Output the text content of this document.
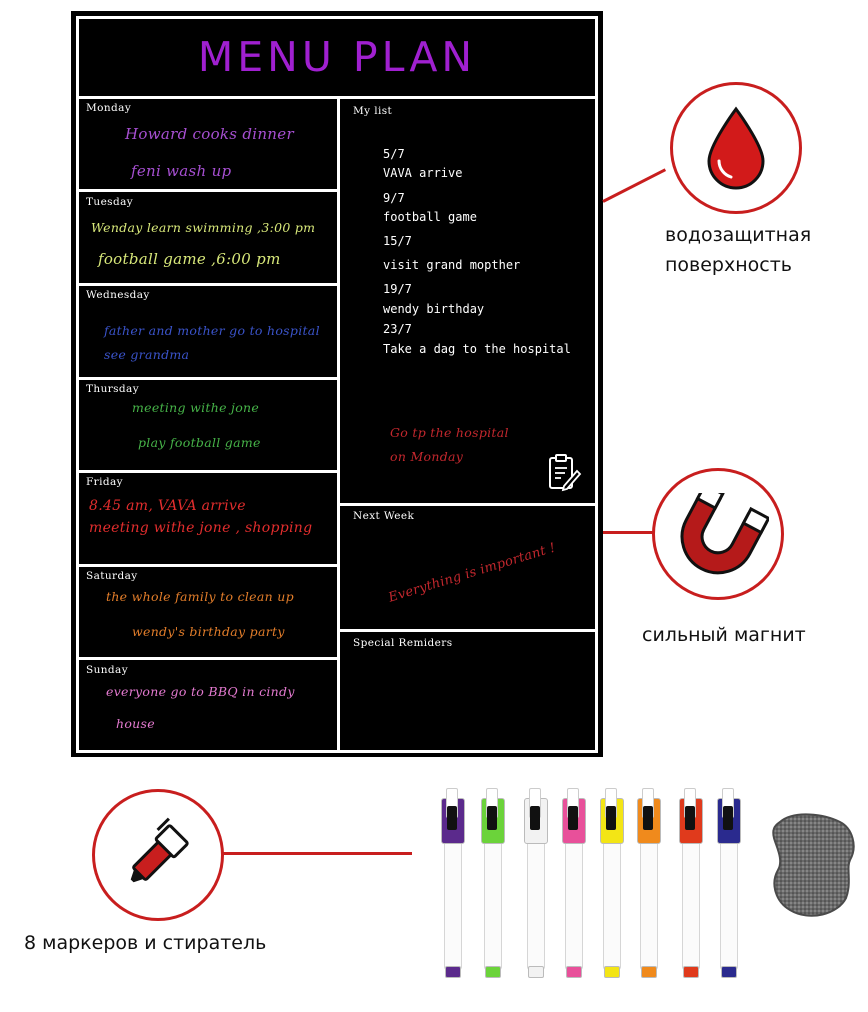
MENU PLAN
Monday
Howard cooks dinner
feni wash up
Tuesday
Wenday learn swimming ,3:00 pm
football game ,6:00 pm
Wednesday
father and mother go to hospital
see grandma
Thursday
meeting withe jone
play football game
Friday
8.45 am, VAVA arrive
meeting withe jone , shopping
Saturday
the whole family to clean up
wendy's birthday party
Sunday
everyone go to BBQ in cindy
house
My list
5/7
VAVA arrive
9/7
football game
15/7
visit grand mopther
19/7
wendy birthday
23/7
Take a dag to the hospital
Go tp the hospital
on Monday
Next Week
Everything is important !
Special Remiders
водозащитная
поверхность
сильный магнит
8 маркеров и стиратель
